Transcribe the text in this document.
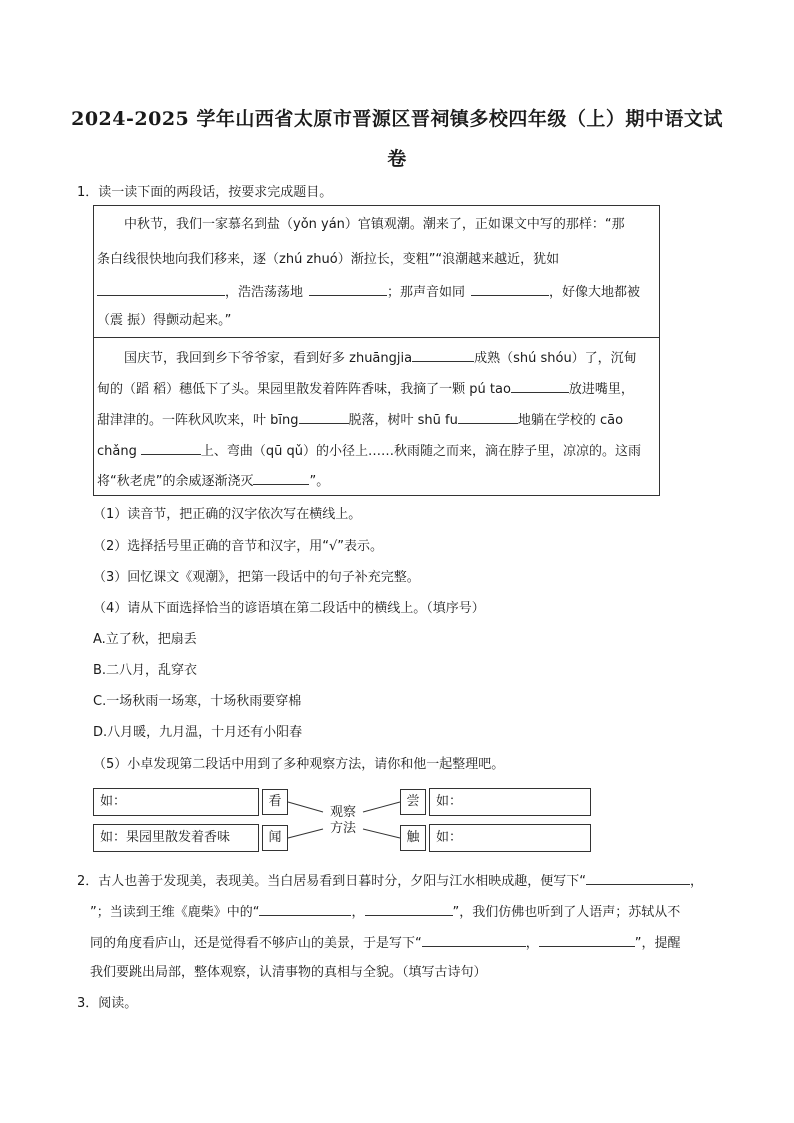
2024-2025 学年山西省太原市晋源区晋祠镇多校四年级（上）期中语文试
卷
1．读一读下面的两段话，按要求完成题目。
中秋节，我们一家慕名到盐（yǒn yán）官镇观潮。潮来了，正如课文中写的那样：“那
条白线很快地向我们移来，逐（zhú zhuó）渐拉长，变粗”“浪潮越来越近，犹如
，浩浩荡荡地	；那声音如同	，好像大地都被
（震 振）得颤动起来。”
国庆节，我回到乡下爷爷家，看到好多 zhuāngjia	成熟（shú shóu）了，沉甸
甸的（蹈 稻）穗低下了头。果园里散发着阵阵香味，我摘了一颗 pú tao	放进嘴里，
甜津津的。一阵秋风吹来，叶 bīng	脱落，树叶 shū fu	地躺在学校的 cāo
chǎng	上、弯曲（qū qǔ）的小径上……秋雨随之而来，滴在脖子里，凉凉的。这雨
将“秋老虎”的余威逐渐浇灭	”。
（1）读音节，把正确的汉字依次写在横线上。
（2）选择括号里正确的音节和汉字，用“√”表示。
（3）回忆课文《观潮》，把第一段话中的句子补充完整。
（4）请从下面选择恰当的谚语填在第二段话中的横线上。（填序号）
A.立了秋，把扇丢
B.二八月，乱穿衣
C.一场秋雨一场寒，十场秋雨要穿棉
D.八月暖，九月温，十月还有小阳春
（5）小卓发现第二段话中用到了多种观察方法，请你和他一起整理吧。
如：
如：果园里散发着香味
看
闻
观察
方法
尝
触
如：
如：
2．古人也善于发现美，表现美。当白居易看到日暮时分，夕阳与江水相映成趣，便写下“	，
”；当读到王维《鹿柴》中的“	，	”，我们仿佛也听到了人语声；苏轼从不
同的角度看庐山，还是觉得看不够庐山的美景，于是写下“	，	”，提醒
我们要跳出局部，整体观察，认清事物的真相与全貌。（填写古诗句）
3．阅读。
